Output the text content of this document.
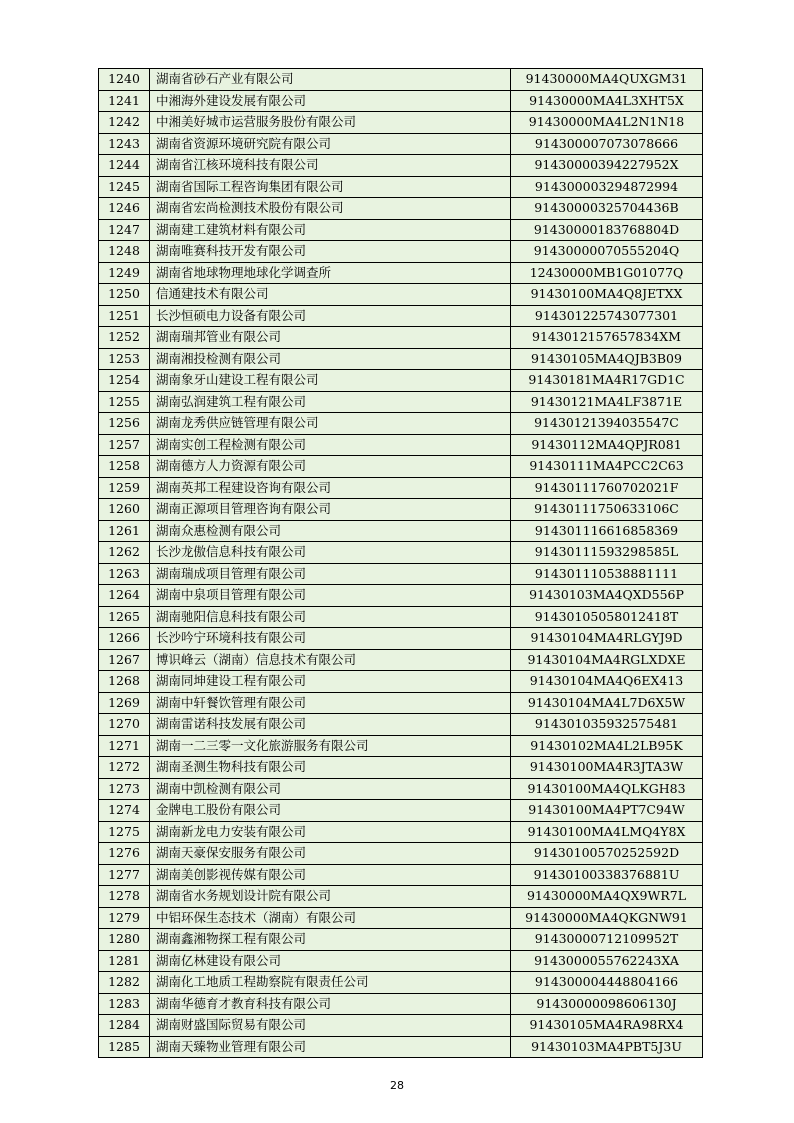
1240	湖南省砂石产业有限公司	91430000MA4QUXGM31
1241	中湘海外建设发展有限公司	91430000MA4L3XHT5X
1242	中湘美好城市运营服务股份有限公司	91430000MA4L2N1N18
1243	湖南省资源环境研究院有限公司	914300007073078666
1244	湖南省江核环境科技有限公司	91430000394227952X
1245	湖南省国际工程咨询集团有限公司	914300003294872994
1246	湖南省宏尚检测技术股份有限公司	91430000325704436B
1247	湖南建工建筑材料有限公司	91430000183768804D
1248	湖南唯赛科技开发有限公司	91430000070555204Q
1249	湖南省地球物理地球化学调查所	12430000MB1G01077Q
1250	信通建技术有限公司	91430100MA4Q8JETXX
1251	长沙恒硕电力设备有限公司	914301225743077301
1252	湖南瑞邦管业有限公司	9143012157657834XM
1253	湖南湘投检测有限公司	91430105MA4QJB3B09
1254	湖南象牙山建设工程有限公司	91430181MA4R17GD1C
1255	湖南弘润建筑工程有限公司	91430121MA4LF3871E
1256	湖南龙秀供应链管理有限公司	91430121394035547C
1257	湖南实创工程检测有限公司	91430112MA4QPJR081
1258	湖南德方人力资源有限公司	91430111MA4PCC2C63
1259	湖南英邦工程建设咨询有限公司	91430111760702021F
1260	湖南正源项目管理咨询有限公司	91430111750633106C
1261	湖南众惠检测有限公司	914301116616858369
1262	长沙龙傲信息科技有限公司	91430111593298585L
1263	湖南瑞成项目管理有限公司	914301110538881111
1264	湖南中泉项目管理有限公司	91430103MA4QXD556P
1265	湖南驰阳信息科技有限公司	91430105058012418T
1266	长沙吟宁环境科技有限公司	91430104MA4RLGYJ9D
1267	博识峰云（湖南）信息技术有限公司	91430104MA4RGLXDXE
1268	湖南同坤建设工程有限公司	91430104MA4Q6EX413
1269	湖南中轩餐饮管理有限公司	91430104MA4L7D6X5W
1270	湖南雷诺科技发展有限公司	914301035932575481
1271	湖南一二三零一文化旅游服务有限公司	91430102MA4L2LB95K
1272	湖南圣测生物科技有限公司	91430100MA4R3JTA3W
1273	湖南中凯检测有限公司	91430100MA4QLKGH83
1274	金牌电工股份有限公司	91430100MA4PT7C94W
1275	湖南新龙电力安装有限公司	91430100MA4LMQ4Y8X
1276	湖南天豪保安服务有限公司	91430100570252592D
1277	湖南美创影视传媒有限公司	91430100338376881U
1278	湖南省水务规划设计院有限公司	91430000MA4QX9WR7L
1279	中铝环保生态技术（湖南）有限公司	91430000MA4QKGNW91
1280	湖南鑫湘物探工程有限公司	91430000712109952T
1281	湖南亿林建设有限公司	9143000055762243XA
1282	湖南化工地质工程勘察院有限责任公司	914300004448804166
1283	湖南华德育才教育科技有限公司	91430000098606130J
1284	湖南财盛国际贸易有限公司	91430105MA4RA98RX4
1285	湖南天臻物业管理有限公司	91430103MA4PBT5J3U
28
